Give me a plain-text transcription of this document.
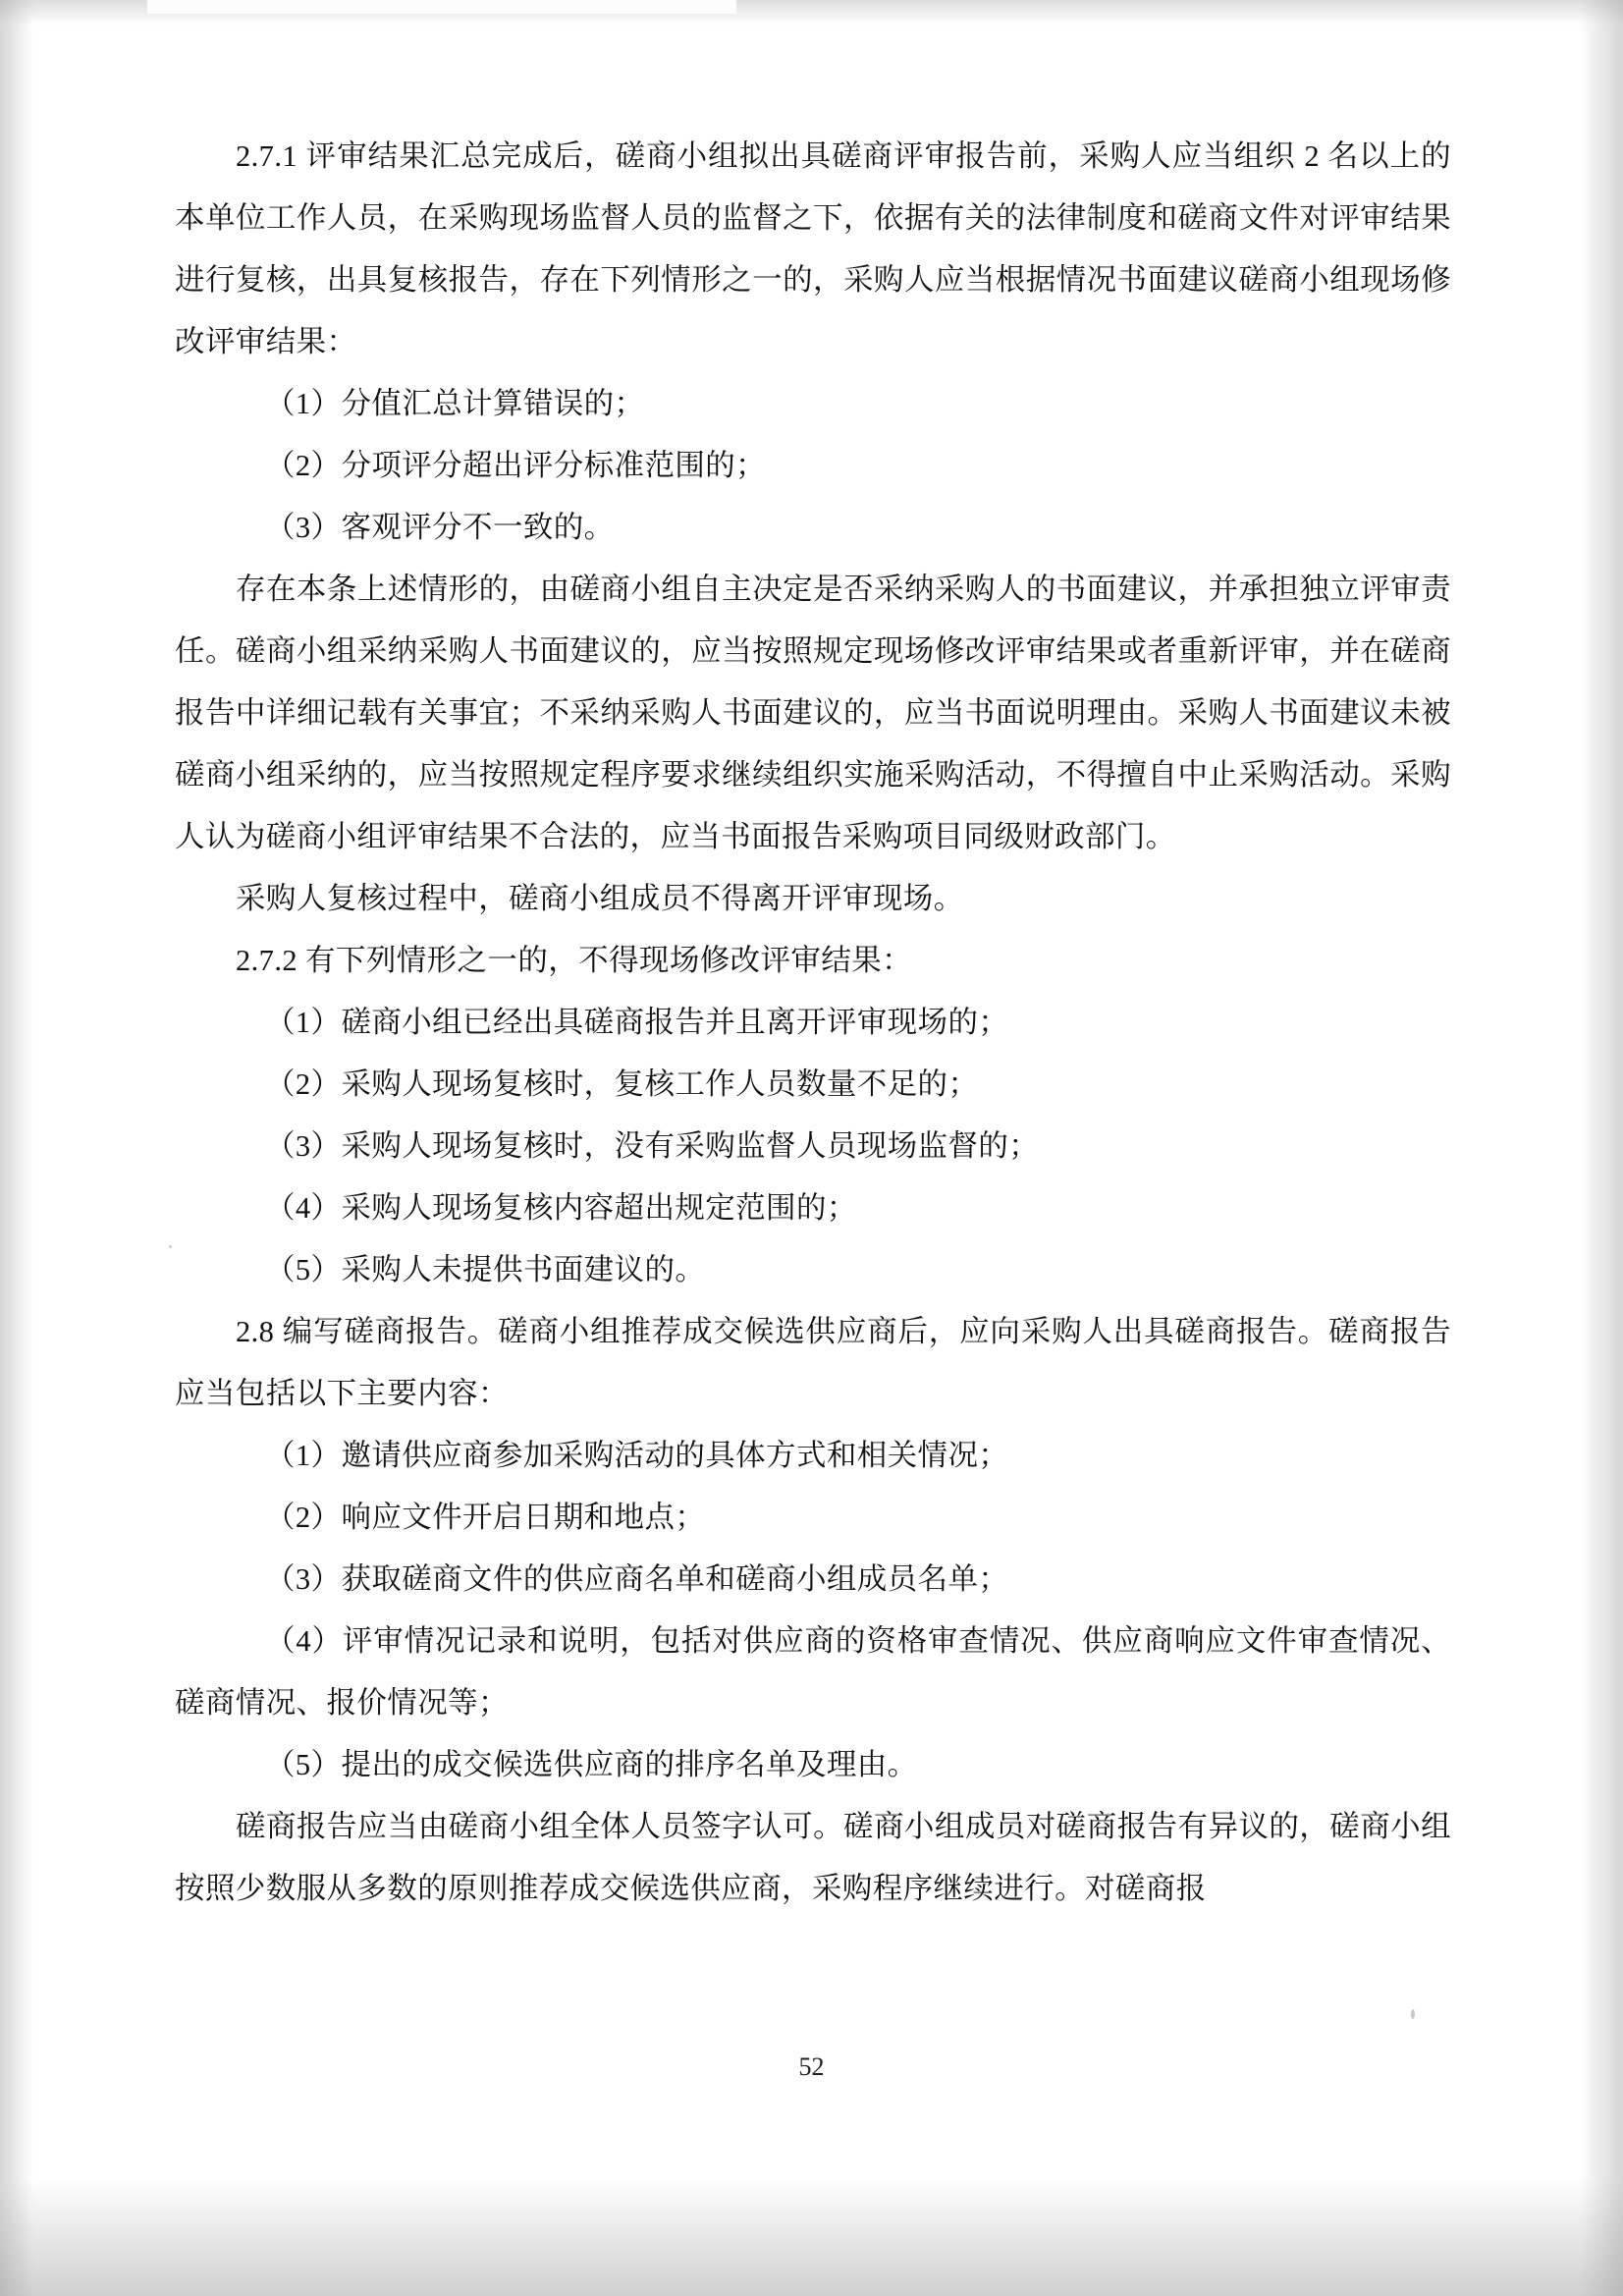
2.7.1 评审结果汇总完成后，磋商小组拟出具磋商评审报告前，采购人应当组织 2 名以上的本单位工作人员，在采购现场监督人员的监督之下，依据有关的法律制度和磋商文件对评审结果进行复核，出具复核报告，存在下列情形之一的，采购人应当根据情况书面建议磋商小组现场修改评审结果：

（1）分值汇总计算错误的；

（2）分项评分超出评分标准范围的；

（3）客观评分不一致的。

存在本条上述情形的，由磋商小组自主决定是否采纳采购人的书面建议，并承担独立评审责任。磋商小组采纳采购人书面建议的，应当按照规定现场修改评审结果或者重新评审，并在磋商报告中详细记载有关事宜；不采纳采购人书面建议的，应当书面说明理由。采购人书面建议未被磋商小组采纳的，应当按照规定程序要求继续组织实施采购活动，不得擅自中止采购活动。采购人认为磋商小组评审结果不合法的，应当书面报告采购项目同级财政部门。

采购人复核过程中，磋商小组成员不得离开评审现场。

2.7.2 有下列情形之一的，不得现场修改评审结果：

（1）磋商小组已经出具磋商报告并且离开评审现场的；

（2）采购人现场复核时，复核工作人员数量不足的；

（3）采购人现场复核时，没有采购监督人员现场监督的；

（4）采购人现场复核内容超出规定范围的；

（5）采购人未提供书面建议的。

2.8 编写磋商报告。磋商小组推荐成交候选供应商后，应向采购人出具磋商报告。磋商报告应当包括以下主要内容：

（1）邀请供应商参加采购活动的具体方式和相关情况；

（2）响应文件开启日期和地点；

（3）获取磋商文件的供应商名单和磋商小组成员名单；

（4）评审情况记录和说明，包括对供应商的资格审查情况、供应商响应文件审查情况、磋商情况、报价情况等；

（5）提出的成交候选供应商的排序名单及理由。

磋商报告应当由磋商小组全体人员签字认可。磋商小组成员对磋商报告有异议的，磋商小组按照少数服从多数的原则推荐成交候选供应商，采购程序继续进行。对磋商报

52
